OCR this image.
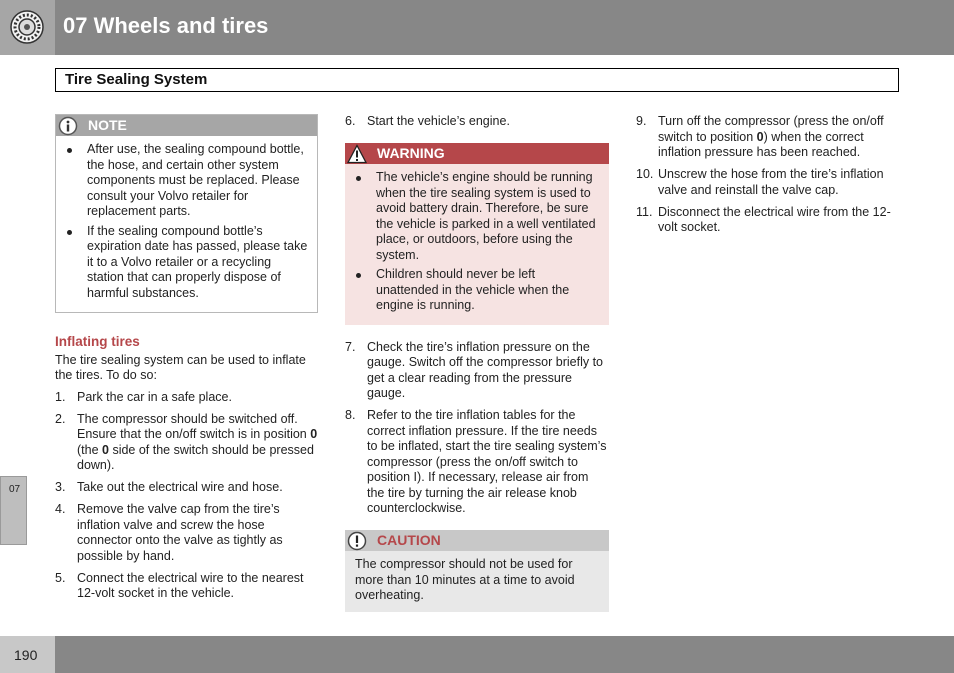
07 Wheels and tires
Tire Sealing System
NOTE
After use, the sealing compound bottle, the hose, and certain other system components must be replaced. Please consult your Volvo retailer for replacement parts.
If the sealing compound bottle’s expiration date has passed, please take it to a Volvo retailer or a recycling station that can properly dispose of harmful substances.
Inflating tires

The tire sealing system can be used to inflate the tires. To do so:

1. Park the car in a safe place.
2. The compressor should be switched off. Ensure that the on/off switch is in position 0 (the 0 side of the switch should be pressed down).
3. Take out the electrical wire and hose.
4. Remove the valve cap from the tire’s inflation valve and screw the hose connector onto the valve as tightly as possible by hand.
5. Connect the electrical wire to the nearest 12-volt socket in the vehicle.
6. Start the vehicle’s engine.
WARNING
The vehicle’s engine should be running when the tire sealing system is used to avoid battery drain. Therefore, be sure the vehicle is parked in a well ventilated place, or outdoors, before using the system.
Children should never be left unattended in the vehicle when the engine is running.
7. Check the tire’s inflation pressure on the gauge. Switch off the compressor briefly to get a clear reading from the pressure gauge.
8. Refer to the tire inflation tables for the correct inflation pressure. If the tire needs to be inflated, start the tire sealing system’s compressor (press the on/off switch to position I). If necessary, release air from the tire by turning the air release knob counterclockwise.
CAUTION
The compressor should not be used for more than 10 minutes at a time to avoid overheating.
9. Turn off the compressor (press the on/off switch to position 0) when the correct inflation pressure has been reached.
10. Unscrew the hose from the tire’s inflation valve and reinstall the valve cap.
11. Disconnect the electrical wire from the 12-volt socket.
07
190
